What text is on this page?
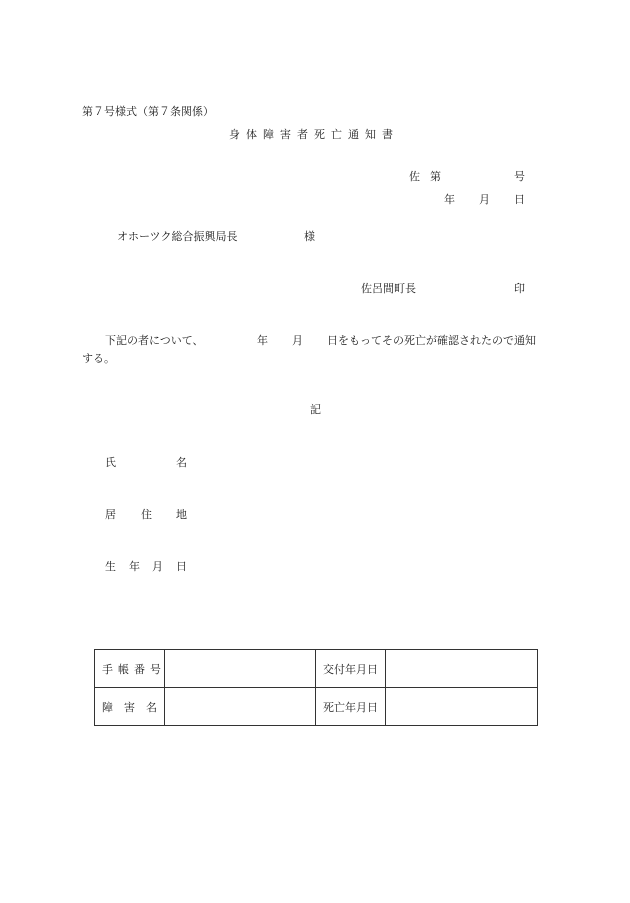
第７号様式（第７条関係）
身体障害者死亡通知書
佐 第	号
年 月 日
オホーツク総合振興局長	様
佐呂間町長	印
下記の者について、	年 月 日をもってその死亡が確認されたので通知
する。
記
氏	名
居 住 地
生 年 月 日
手帳番号		交付年月日	
障　害　名		死亡年月日	
